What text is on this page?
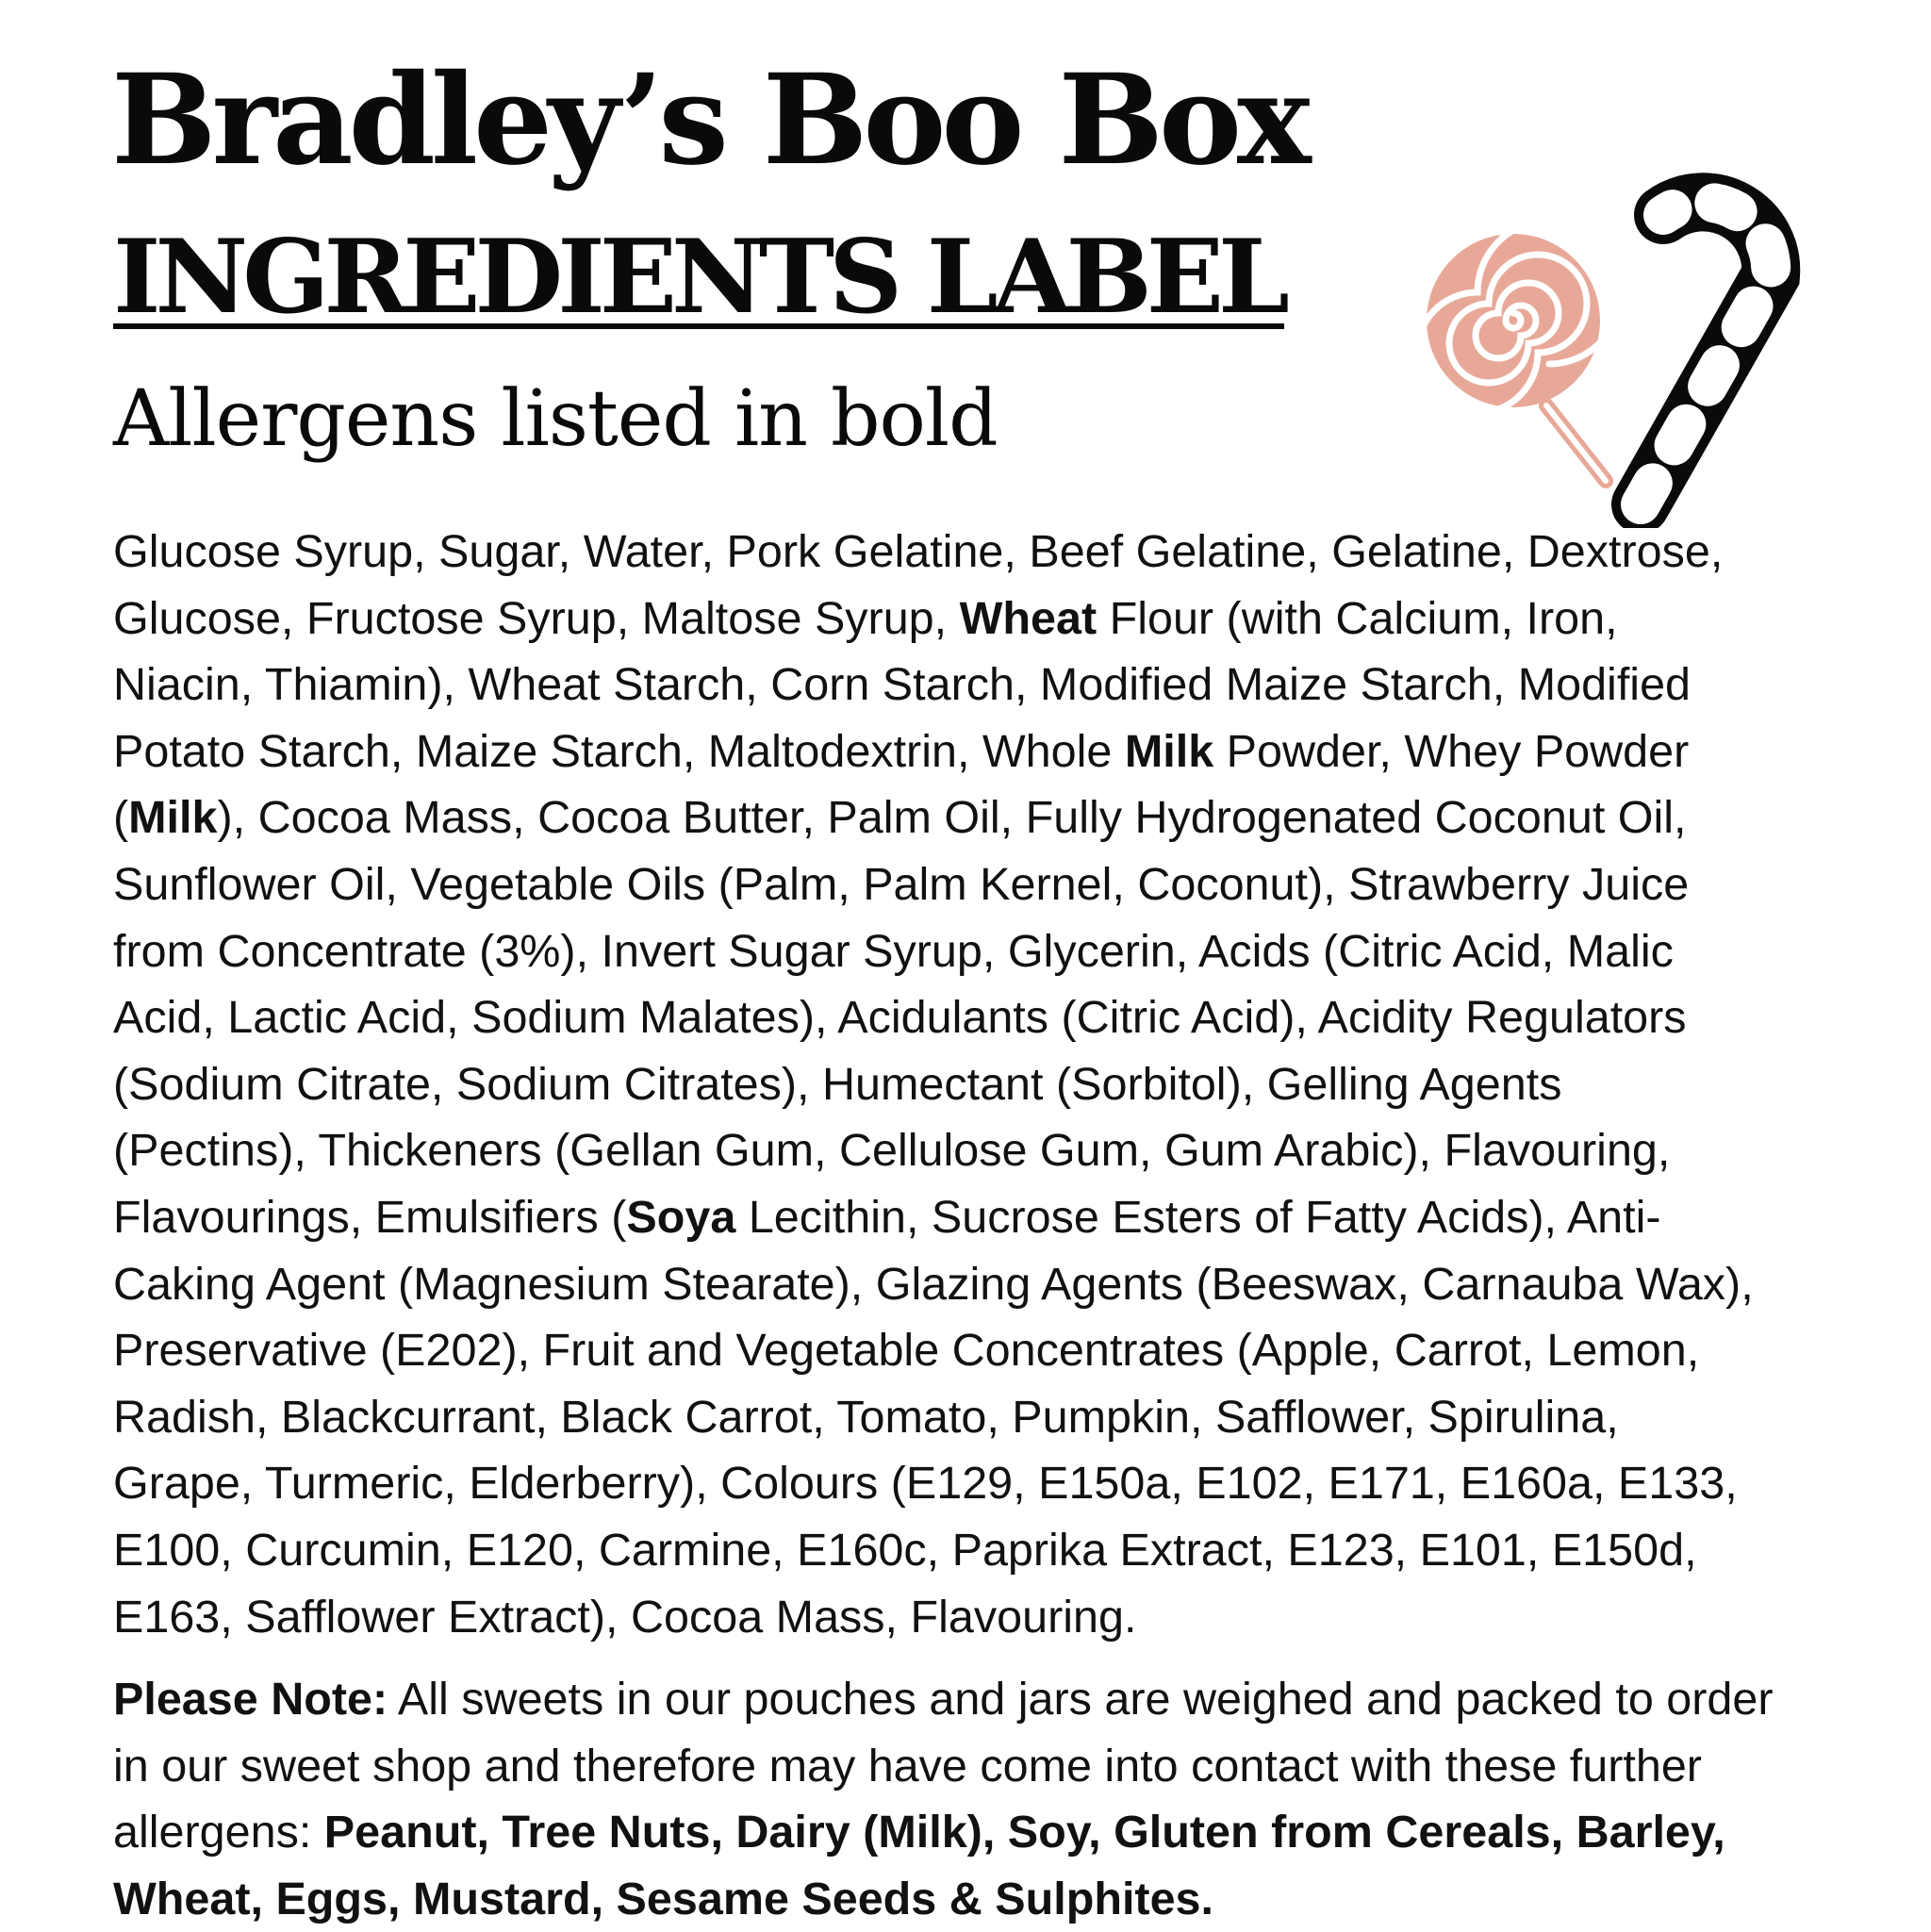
Bradley’s Boo Box
INGREDIENTS LABEL
Allergens listed in bold

Glucose Syrup, Sugar, Water, Pork Gelatine, Beef Gelatine, Gelatine, Dextrose,
Glucose, Fructose Syrup, Maltose Syrup, Wheat Flour (with Calcium, Iron,
Niacin, Thiamin), Wheat Starch, Corn Starch, Modified Maize Starch, Modified
Potato Starch, Maize Starch, Maltodextrin, Whole Milk Powder, Whey Powder
(Milk), Cocoa Mass, Cocoa Butter, Palm Oil, Fully Hydrogenated Coconut Oil,
Sunflower Oil, Vegetable Oils (Palm, Palm Kernel, Coconut), Strawberry Juice
from Concentrate (3%), Invert Sugar Syrup, Glycerin, Acids (Citric Acid, Malic
Acid, Lactic Acid, Sodium Malates), Acidulants (Citric Acid), Acidity Regulators
(Sodium Citrate, Sodium Citrates), Humectant (Sorbitol), Gelling Agents
(Pectins), Thickeners (Gellan Gum, Cellulose Gum, Gum Arabic), Flavouring,
Flavourings, Emulsifiers (Soya Lecithin, Sucrose Esters of Fatty Acids), Anti-
Caking Agent (Magnesium Stearate), Glazing Agents (Beeswax, Carnauba Wax),
Preservative (E202), Fruit and Vegetable Concentrates (Apple, Carrot, Lemon,
Radish, Blackcurrant, Black Carrot, Tomato, Pumpkin, Safflower, Spirulina,
Grape, Turmeric, Elderberry), Colours (E129, E150a, E102, E171, E160a, E133,
E100, Curcumin, E120, Carmine, E160c, Paprika Extract, E123, E101, E150d,
E163, Safflower Extract), Cocoa Mass, Flavouring.

Please Note: All sweets in our pouches and jars are weighed and packed to order
in our sweet shop and therefore may have come into contact with these further
allergens: Peanut, Tree Nuts, Dairy (Milk), Soy, Gluten from Cereals, Barley,
Wheat, Eggs, Mustard, Sesame Seeds & Sulphites.
